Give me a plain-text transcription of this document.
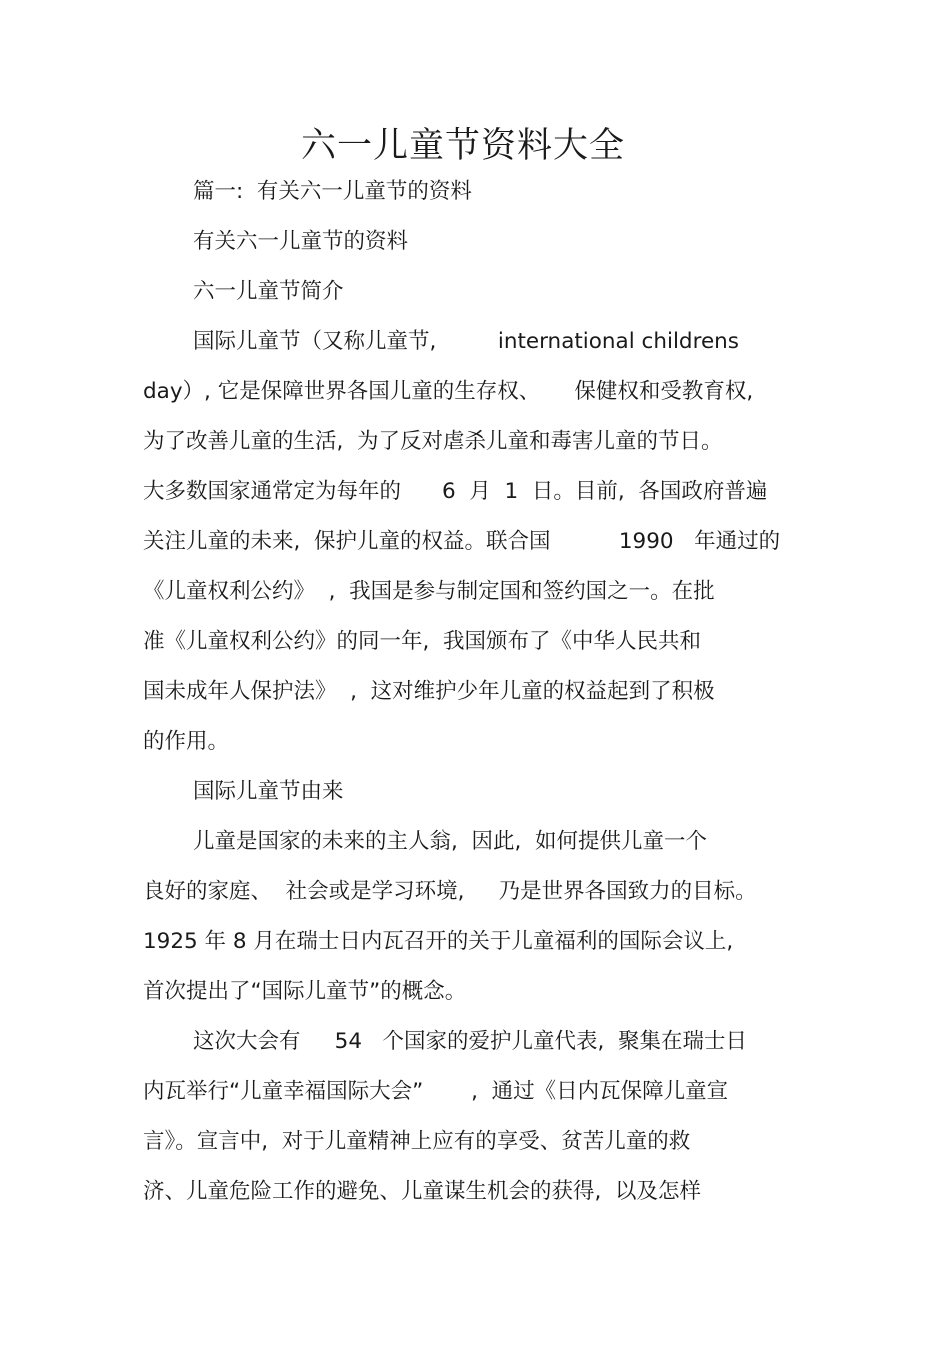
六一儿童节资料大全

篇一:  有关六一儿童节的资料

有关六一儿童节的资料

六一儿童节简介

国际儿童节（又称儿童节,         international childrens

day）, 它是保障世界各国儿童的生存权、     保健权和受教育权,

为了改善儿童的生活,  为了反对虐杀儿童和毒害儿童的节日。

大多数国家通常定为每年的      6  月  1  日。目前,  各国政府普遍

关注儿童的未来,  保护儿童的权益。联合国          1990   年通过的

《儿童权利公约》  ,  我国是参与制定国和签约国之一。在批

准《儿童权利公约》的同一年,  我国颁布了《中华人民共和

国未成年人保护法》  ,  这对维护少年儿童的权益起到了积极

的作用。

国际儿童节由来

儿童是国家的未来的主人翁,  因此,  如何提供儿童一个

良好的家庭、  社会或是学习环境,     乃是世界各国致力的目标。

1925 年 8 月在瑞士日内瓦召开的关于儿童福利的国际会议上,

首次提出了“国际儿童节”的概念。

这次大会有     54   个国家的爱护儿童代表,  聚集在瑞士日

内瓦举行“儿童幸福国际大会”       ,  通过《日内瓦保障儿童宣

言》。宣言中,  对于儿童精神上应有的享受、贫苦儿童的救

济、儿童危险工作的避免、儿童谋生机会的获得,  以及怎样
